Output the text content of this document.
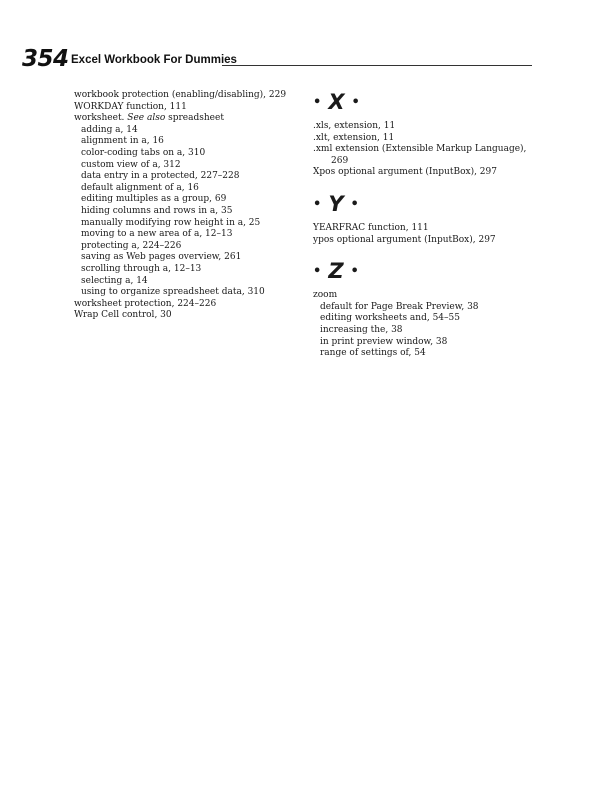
354 Excel Workbook For Dummies
workbook protection (enabling/disabling), 229
WORKDAY function, 111
worksheet. See also spreadsheet
adding a, 14
alignment in a, 16
color-coding tabs on a, 310
custom view of a, 312
data entry in a protected, 227–228
default alignment of a, 16
editing multiples as a group, 69
hiding columns and rows in a, 35
manually modifying row height in a, 25
moving to a new area of a, 12–13
protecting a, 224–226
saving as Web pages overview, 261
scrolling through a, 12–13
selecting a, 14
using to organize spreadsheet data, 310
worksheet protection, 224–226
Wrap Cell control, 30
• X •
.xls, extension, 11
.xlt, extension, 11
.xml extension (Extensible Markup Language), 269
Xpos optional argument (InputBox), 297
• Y •
YEARFRAC function, 111
ypos optional argument (InputBox), 297
• Z •
zoom
default for Page Break Preview, 38
editing worksheets and, 54–55
increasing the, 38
in print preview window, 38
range of settings of, 54
